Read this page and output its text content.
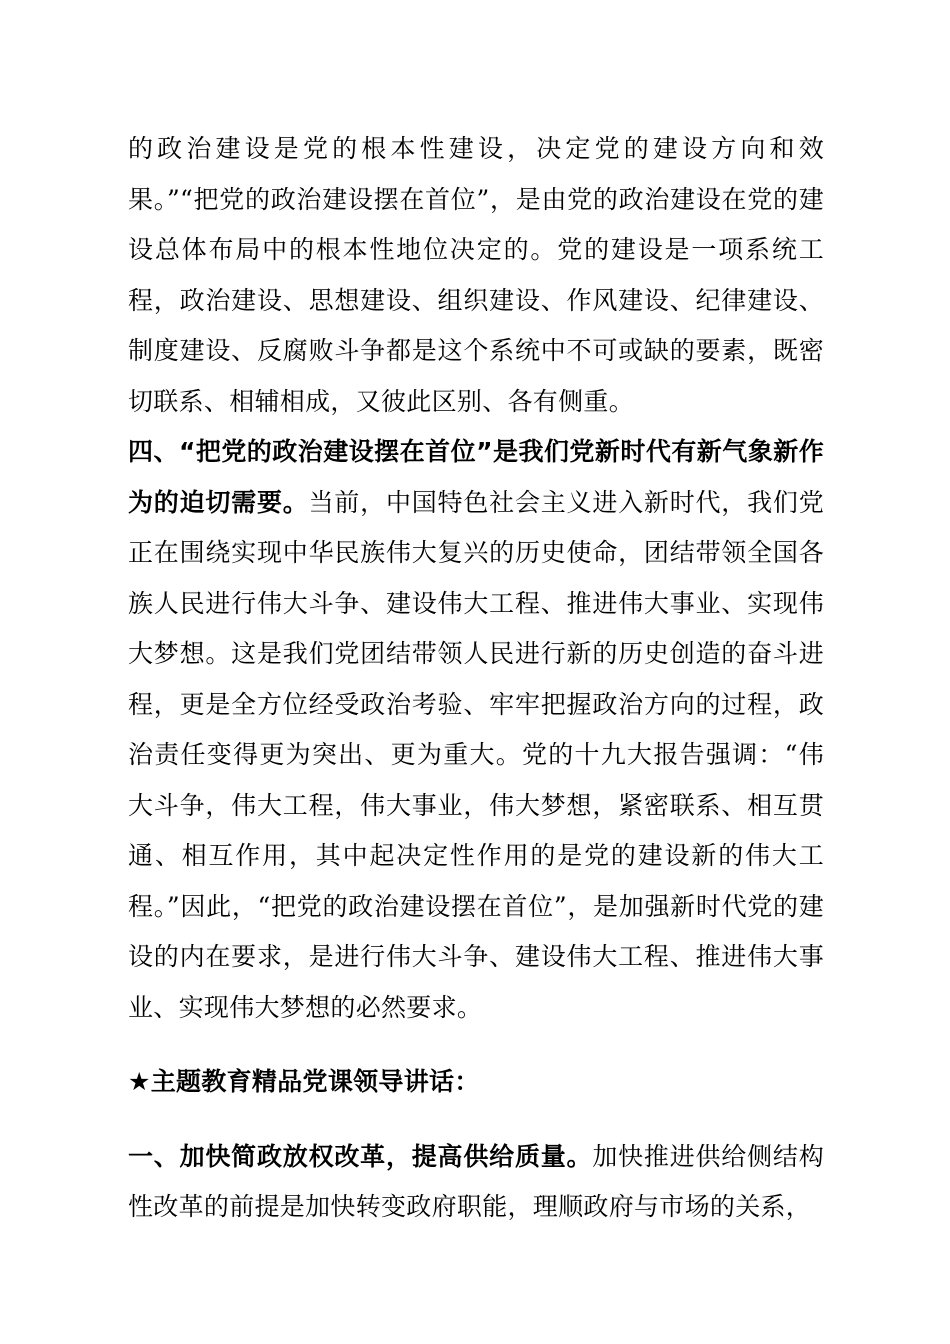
的政治建设是党的根本性建设，决定党的建设方向和效果。”“把党的政治建设摆在首位”，是由党的政治建设在党的建设总体布局中的根本性地位决定的。党的建设是一项系统工程，政治建设、思想建设、组织建设、作风建设、纪律建设、制度建设、反腐败斗争都是这个系统中不可或缺的要素，既密切联系、相辅相成，又彼此区别、各有侧重。

四、“把党的政治建设摆在首位”是我们党新时代有新气象新作为的迫切需要。当前，中国特色社会主义进入新时代，我们党正在围绕实现中华民族伟大复兴的历史使命，团结带领全国各族人民进行伟大斗争、建设伟大工程、推进伟大事业、实现伟大梦想。这是我们党团结带领人民进行新的历史创造的奋斗进程，更是全方位经受政治考验、牢牢把握政治方向的过程，政治责任变得更为突出、更为重大。党的十九大报告强调：“伟大斗争，伟大工程，伟大事业，伟大梦想，紧密联系、相互贯通、相互作用，其中起决定性作用的是党的建设新的伟大工程。”因此，“把党的政治建设摆在首位”，是加强新时代党的建设的内在要求，是进行伟大斗争、建设伟大工程、推进伟大事业、实现伟大梦想的必然要求。

★主题教育精品党课领导讲话：

一、加快简政放权改革，提高供给质量。加快推进供给侧结构性改革的前提是加快转变政府职能，理顺政府与市场的关系，
